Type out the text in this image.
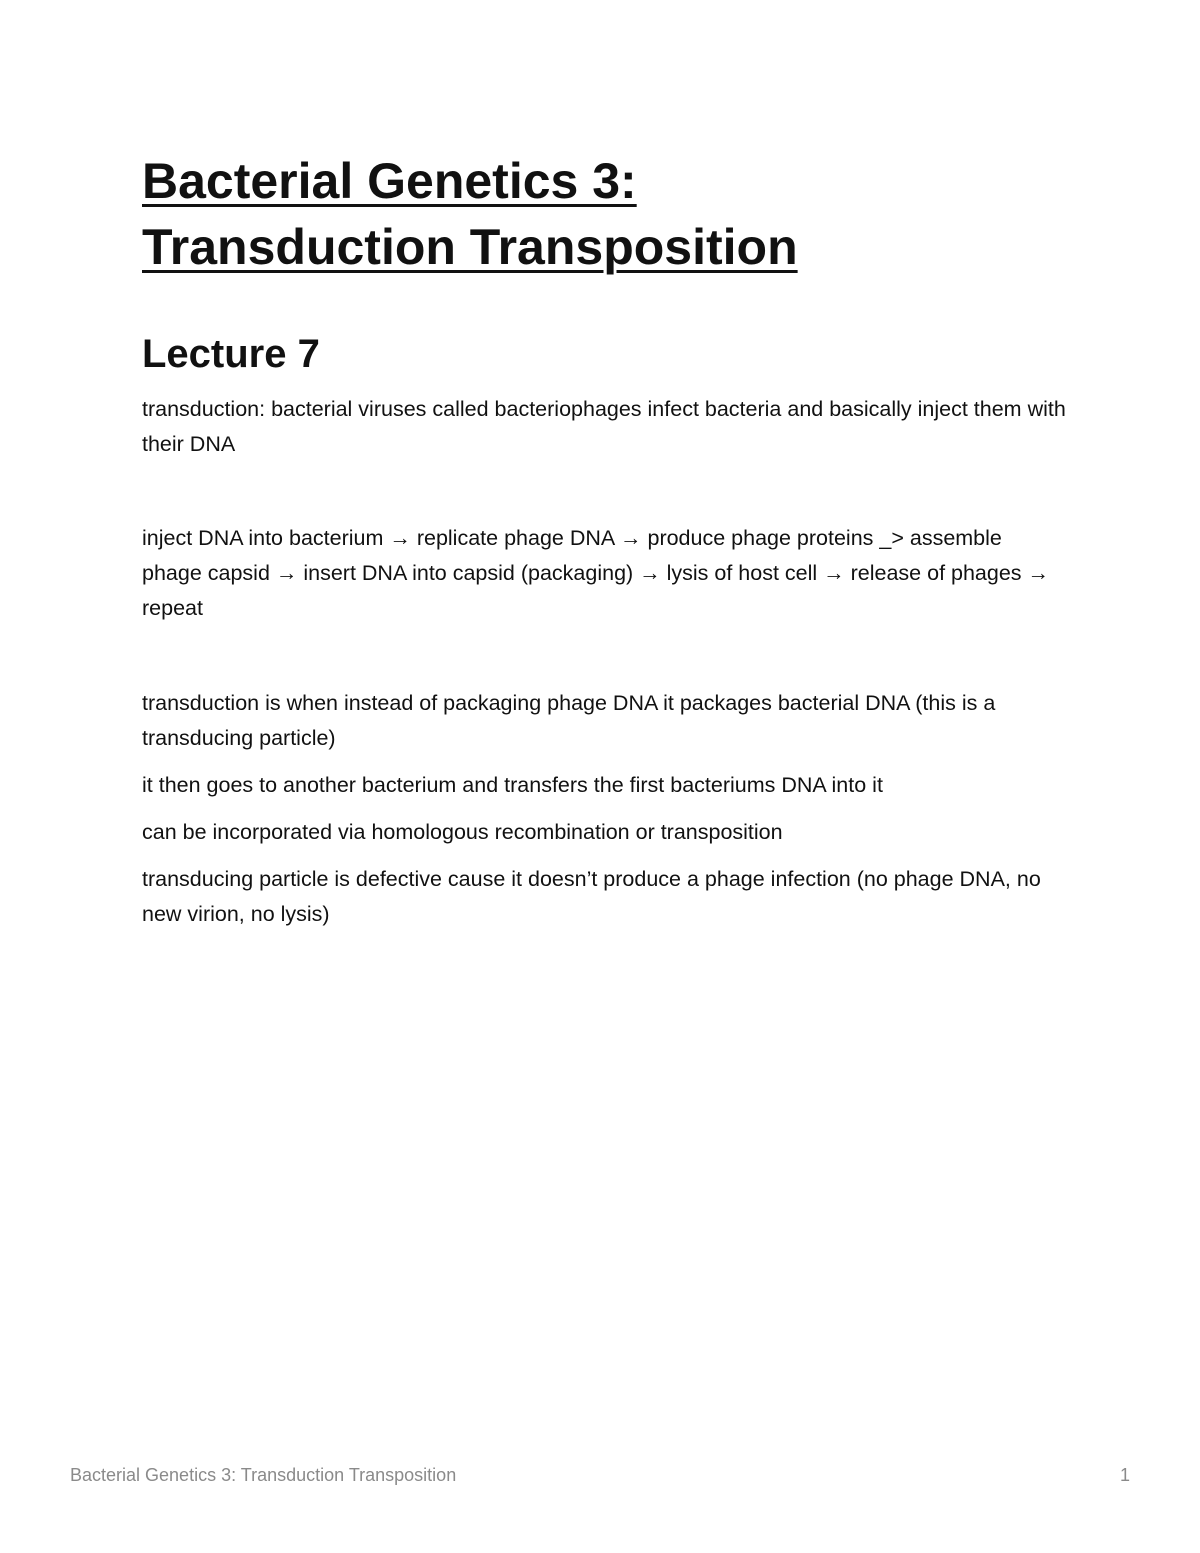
Bacterial Genetics 3:
Transduction Transposition
Lecture 7

transduction: bacterial viruses called bacteriophages infect bacteria and basically inject them with their DNA

inject DNA into bacterium → replicate phage DNA → produce phage proteins _> assemble phage capsid → insert DNA into capsid (packaging) → lysis of host cell → release of phages → repeat

transduction is when instead of packaging phage DNA it packages bacterial DNA (this is a transducing particle)

it then goes to another bacterium and transfers the first bacteriums DNA into it

can be incorporated via homologous recombination or transposition

transducing particle is defective cause it doesn’t produce a phage infection (no phage DNA, no new virion, no lysis)

Bacterial Genetics 3: Transduction Transposition	1
